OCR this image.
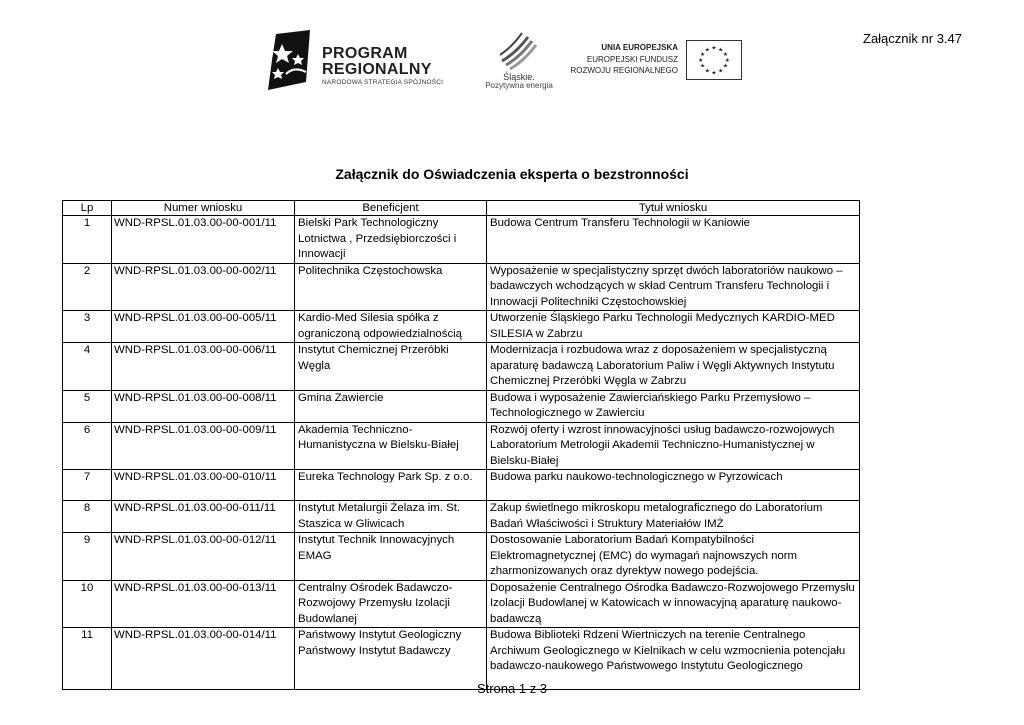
Załącznik nr 3.47
PROGRAM
REGIONALNY
NARODOWA STRATEGIA SPÓJNOŚCI
Śląskie.
Pozytywna energia
UNIA EUROPEJSKA
EUROPEJSKI FUNDUSZ
ROZWOJU REGIONALNEGO
★ ★
★
★
★
★
★
★
★
★
★
★
Załącznik do Oświadczenia eksperta o bezstronności
Lp	Numer wniosku	Beneficjent	Tytuł wniosku
1	WND-RPSL.01.03.00-00-001/11	Bielski Park Technologiczny Lotnictwa , Przedsiębiorczości i Innowacji	Budowa Centrum Transferu Technologii w Kaniowie
2	WND-RPSL.01.03.00-00-002/11	Politechnika Częstochowska	Wyposażenie w specjalistyczny sprzęt dwóch laboratoriów naukowo – badawczych wchodzących w skład Centrum Transferu Technologii i Innowacji Politechniki Częstochowskiej
3	WND-RPSL.01.03.00-00-005/11	Kardio-Med Silesia spółka z ograniczoną odpowiedzialnością	Utworzenie Śląskiego Parku Technologii Medycznych KARDIO-MED SILESIA w Zabrzu
4	WND-RPSL.01.03.00-00-006/11	Instytut Chemicznej Przeróbki Węgla	Modernizacja i rozbudowa wraz z doposażeniem w specjalistyczną aparaturę badawczą Laboratorium Paliw i Węgli Aktywnych Instytutu Chemicznej Przeróbki Węgla w Zabrzu
5	WND-RPSL.01.03.00-00-008/11	Gmina Zawiercie	Budowa i wyposażenie Zawierciańskiego Parku Przemysłowo – Technologicznego w Zawierciu
6	WND-RPSL.01.03.00-00-009/11	Akademia Techniczno-Humanistyczna w Bielsku-Białej	Rozwój oferty i wzrost innowacyjności usług badawczo-rozwojowych Laboratorium Metrologii Akademii Techniczno-Humanistycznej w Bielsku-Białej
7	WND-RPSL.01.03.00-00-010/11	Eureka Technology Park Sp. z o.o.	Budowa parku naukowo-technologicznego w Pyrzowicach
8	WND-RPSL.01.03.00-00-011/11	Instytut Metalurgii Żelaza im. St. Staszica w Gliwicach	Zakup świetlnego mikroskopu metalograficznego do Laboratorium Badań Właściwości i Struktury Materiałów IMŻ
9	WND-RPSL.01.03.00-00-012/11	Instytut Technik Innowacyjnych EMAG	Dostosowanie Laboratorium Badań Kompatybilności Elektromagnetycznej (EMC) do wymagań najnowszych norm zharmonizowanych oraz dyrektyw nowego podejścia.
10	WND-RPSL.01.03.00-00-013/11	Centralny Ośrodek Badawczo-Rozwojowy Przemysłu Izolacji Budowlanej	Doposażenie Centralnego Ośrodka Badawczo-Rozwojowego Przemysłu Izolacji Budowlanej w Katowicach w innowacyjną aparaturę naukowo-badawczą
11	WND-RPSL.01.03.00-00-014/11	Państwowy Instytut Geologiczny Państwowy Instytut Badawczy	Budowa Biblioteki Rdzeni Wiertniczych na terenie Centralnego Archiwum Geologicznego w Kielnikach w celu wzmocnienia potencjału badawczo-naukowego Państwowego Instytutu Geologicznego
Strona 1 z 3
